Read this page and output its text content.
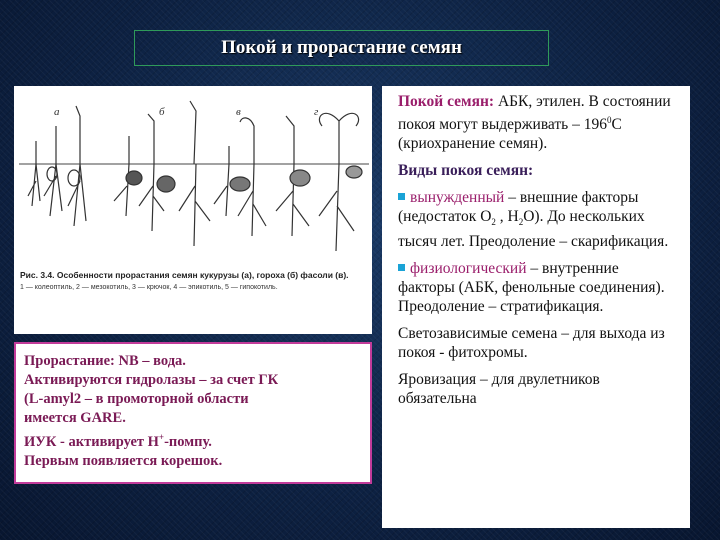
Покой и прорастание семян
а	б	в	г
Рис. 3.4. Особенности прорастания семян кукурузы (а), гороха (б) фасоли (в).
1 — колеоптиль, 2 — мезокотиль, 3 — крючок, 4 — эпикотиль, 5 — гипокотиль.

Покой семян: АБК, этилен. В состоянии покоя могут выдерживать – $196^0С$ (криохранение семян).

Виды покоя семян:

вынужденный – внешние факторы (недостаток $О_2$ , $Н_2О$). До нескольких тысяч лет. Преодоление – скарификация.

физиологический – внутренние факторы (АБК, фенольные соединения). Преодоление – стратификация.

Светозависимые семена – для выхода из покоя - фитохромы.

Яровизация – для двулетников обязательна

Прорастание: NB – вода.
Активируются гидролазы – за счет ГК
(L-amyl2 – в промоторной области
имеется GARE.
ИУК - активирует Н+-помпу.
Первым появляется корешок.
